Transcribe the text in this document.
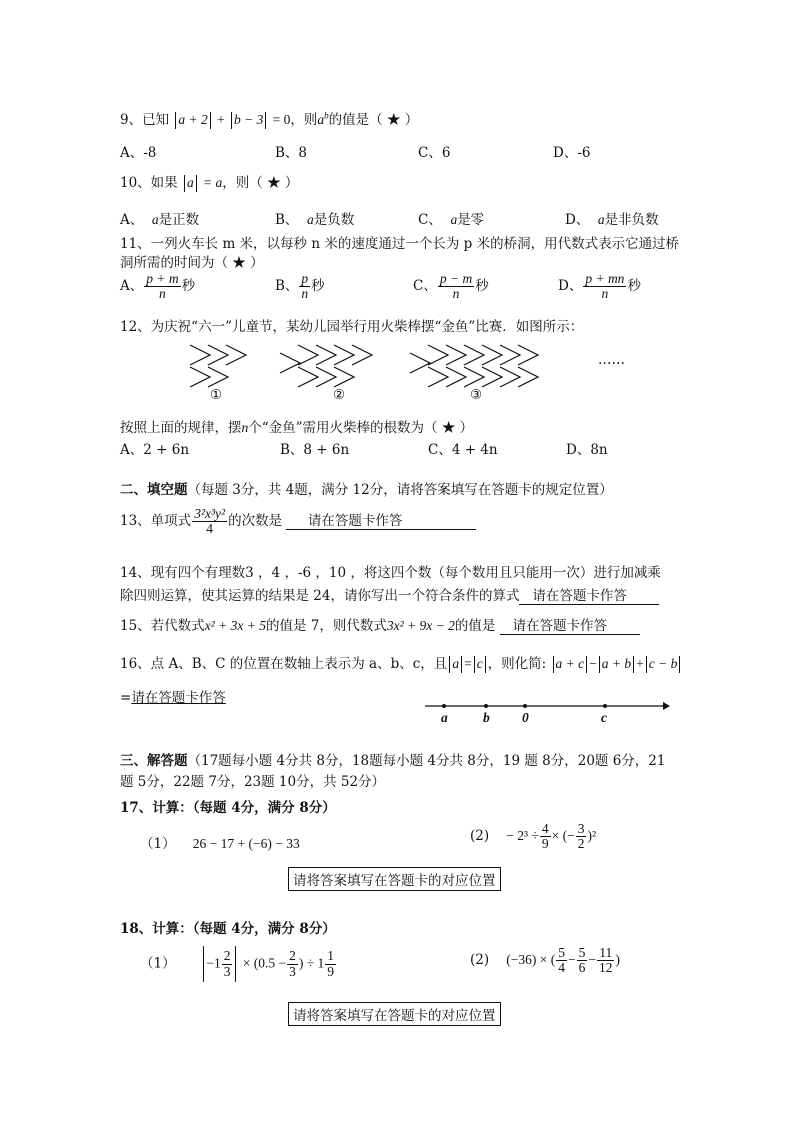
9、已知 a + 2 + b − 3 = 0，则$a^b$的值是（ ★ ）
A、-8	B、8	C、6	D、-6
10、如果 a = a，则（ ★ ）
A、 a是正数	B、 a是负数	C、 a是零	D、 a是非负数
11、一列火车长 m 米，以每秒 n 米的速度通过一个长为 p 米的桥洞，用代数式表示它通过桥
洞所需的时间为（ ★ ）
A、 $\frac{p + m}{n}$ 秒	B、 $\frac{p}{n}$ 秒	C、 $\frac{p - m}{n}$ 秒	D、 $\frac{p + mn}{n}$ 秒
12、为庆祝“六一”儿童节，某幼儿园举行用火柴棒摆“金鱼”比赛．如图所示：
①	②	③
……
按照上面的规律，摆n个“金鱼”需用火柴棒的根数为（ ★ ）
A、2 + 6n	B、8 + 6n	C、4 + 4n	D、8n
二、填空题（每题 3分，共 4题，满分 12分，请将答案填写在答题卡的规定位置）
13、单项式 $\frac{\text{3²x³y²}}{4}$ 的次数是 请在答题卡作答
14、现有四个有理数3 ，4 ，-6 ，10 ，将这四个数（每个数用且只能用一次）进行加减乘
除四则运算，使其运算的结果是 24，请你写出一个符合条件的算式 请在答题卡作答
15、若代数式x² + 3x + 5的值是 7，则代数式3x² + 9x − 2的值是 请在答题卡作答
16、点 A、B、C 的位置在数轴上表示为 a、b、c，且 a = c ，则化简: a + c − a + b + c − b
=请在答题卡作答
a	b 0	c
三、解答题（17题每小题 4分共 8分，18题每小题 4分共 8分，19 题 8分，20题 6分，21
题 5分，22题 7分，23题 10分，共 52分）
17、计算：（每题 4分，满分 8分）
（1） 26 − 17 + (−6) − 33	$(2) - 2^3 \div \frac{4}{9}$ × (− $\frac{3}{2} )^2$
请将答案填写在答题卡的对应位置
18、计算：（每题 4分，满分 8分）
$(1) -1 \frac{2}{3} \times (0.5 - \frac{2}{3}$ ) ÷ $1 \frac{1}{9}$	(2) (−36) × ( $\frac{5}{4} - \frac{5}{6} - \frac{11}{12}$ )
请将答案填写在答题卡的对应位置
